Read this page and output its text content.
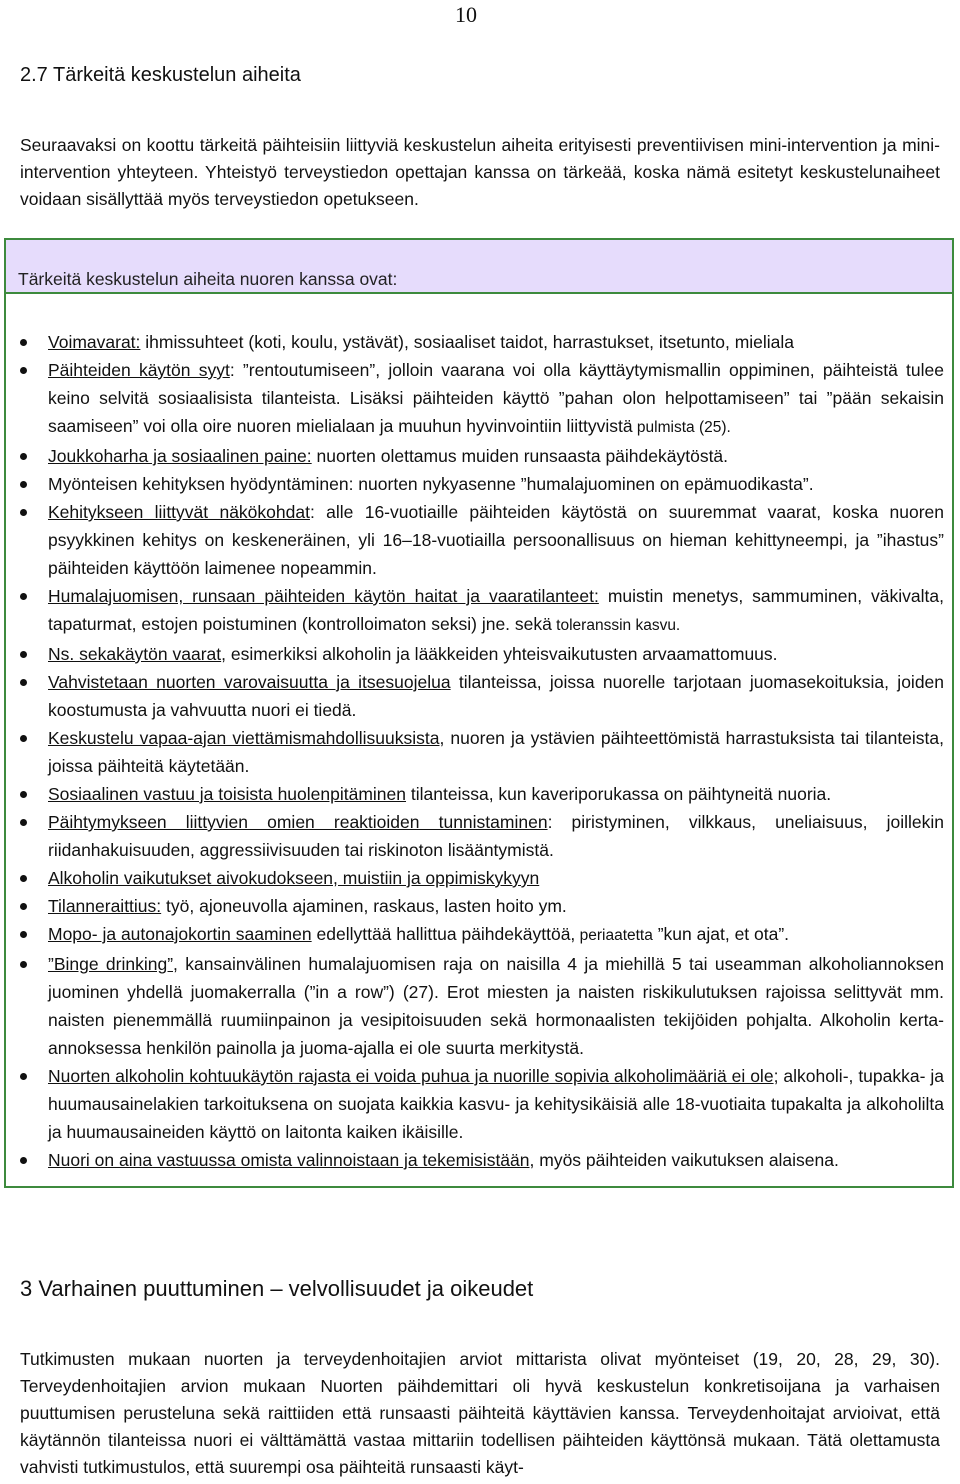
10
2.7 Tärkeitä keskustelun aiheita

Seuraavaksi on koottu tärkeitä päihteisiin liittyviä keskustelun aiheita erityisesti preventiivisen mini-intervention ja mini-intervention yhteyteen. Yhteistyö terveystiedon opettajan kanssa on tärkeää, koska nämä esitetyt keskustelunaiheet voidaan sisällyttää myös terveystiedon opetukseen.

Tärkeitä keskustelun aiheita nuoren kanssa ovat:
Voimavarat: ihmissuhteet (koti, koulu, ystävät), sosiaaliset taidot, harrastukset, itsetunto, mieliala
Päihteiden käytön syyt: ”rentoutumiseen”, jolloin vaarana voi olla käyttäytymismallin oppiminen, päihteistä tulee keino selvitä sosiaalisista tilanteista. Lisäksi päihteiden käyttö ”pahan olon helpottamiseen” tai ”pään sekaisin saamiseen” voi olla oire nuoren mielialaan ja muuhun hyvinvointiin liittyvistä pulmista (25).
Joukkoharha ja sosiaalinen paine: nuorten olettamus muiden runsaasta päihdekäytöstä.
Myönteisen kehityksen hyödyntäminen: nuorten nykyasenne ”humalajuominen on epämuodikasta”.
Kehitykseen liittyvät näkökohdat: alle 16-vuotiaille päihteiden käytöstä on suuremmat vaarat, koska nuoren psyykkinen kehitys on keskeneräinen, yli 16–18-vuotiailla persoonallisuus on hieman kehittyneempi, ja ”ihastus” päihteiden käyttöön laimenee nopeammin.
Humalajuomisen, runsaan päihteiden käytön haitat ja vaaratilanteet: muistin menetys, sammuminen, väkivalta, tapaturmat, estojen poistuminen (kontrolloimaton seksi) jne. sekä toleranssin kasvu.
Ns. sekakäytön vaarat, esimerkiksi alkoholin ja lääkkeiden yhteisvaikutusten arvaamattomuus.
Vahvistetaan nuorten varovaisuutta ja itsesuojelua tilanteissa, joissa nuorelle tarjotaan juomasekoituksia, joiden koostumusta ja vahvuutta nuori ei tiedä.
Keskustelu vapaa-ajan viettämismahdollisuuksista, nuoren ja ystävien päihteettömistä harrastuksista tai tilanteista, joissa päihteitä käytetään.
Sosiaalinen vastuu ja toisista huolenpitäminen tilanteissa, kun kaveriporukassa on päihtyneitä nuoria.
Päihtymykseen liittyvien omien reaktioiden tunnistaminen: piristyminen, vilkkaus, uneliaisuus, joillekin riidanhakuisuuden, aggressiivisuuden tai riskinoton lisääntymistä.
Alkoholin vaikutukset aivokudokseen, muistiin ja oppimiskykyyn
Tilanneraittius: työ, ajoneuvolla ajaminen, raskaus, lasten hoito ym.
Mopo- ja autonajokortin saaminen edellyttää hallittua päihdekäyttöä, periaatetta ”kun ajat, et ota”.
”Binge drinking”, kansainvälinen humalajuomisen raja on naisilla 4 ja miehillä 5 tai useamman alkoholiannoksen juominen yhdellä juomakerralla (”in a row”) (27). Erot miesten ja naisten riskikulutuksen rajoissa selittyvät mm. naisten pienemmällä ruumiinpainon ja vesipitoisuuden sekä hormonaalisten tekijöiden pohjalta. Alkoholin kerta-annoksessa henkilön painolla ja juoma-ajalla ei ole suurta merkitystä.
Nuorten alkoholin kohtuukäytön rajasta ei voida puhua ja nuorille sopivia alkoholimääriä ei ole; alkoholi-, tupakka- ja huumausainelakien tarkoituksena on suojata kaikkia kasvu- ja kehitysikäisiä alle 18-vuotiaita tupakalta ja alkoholilta ja huumausaineiden käyttö on laitonta kaiken ikäisille.
Nuori on aina vastuussa omista valinnoistaan ja tekemisistään, myös päihteiden vaikutuksen alaisena.
3 Varhainen puuttuminen – velvollisuudet ja oikeudet

Tutkimusten mukaan nuorten ja terveydenhoitajien arviot mittarista olivat myönteiset (19, 20, 28, 29, 30). Terveydenhoitajien arvion mukaan Nuorten päihdemittari oli hyvä keskustelun konkretisoijana ja varhaisen puuttumisen perusteluna sekä raittiiden että runsaasti päihteitä käyttävien kanssa. Terveydenhoitajat arvioivat, että käytännön tilanteissa nuori ei välttämättä vastaa mittariin todellisen päihteiden käyttönsä mukaan. Tätä olettamusta vahvisti tutkimustulos, että suurempi osa päihteitä runsaasti käyt-
